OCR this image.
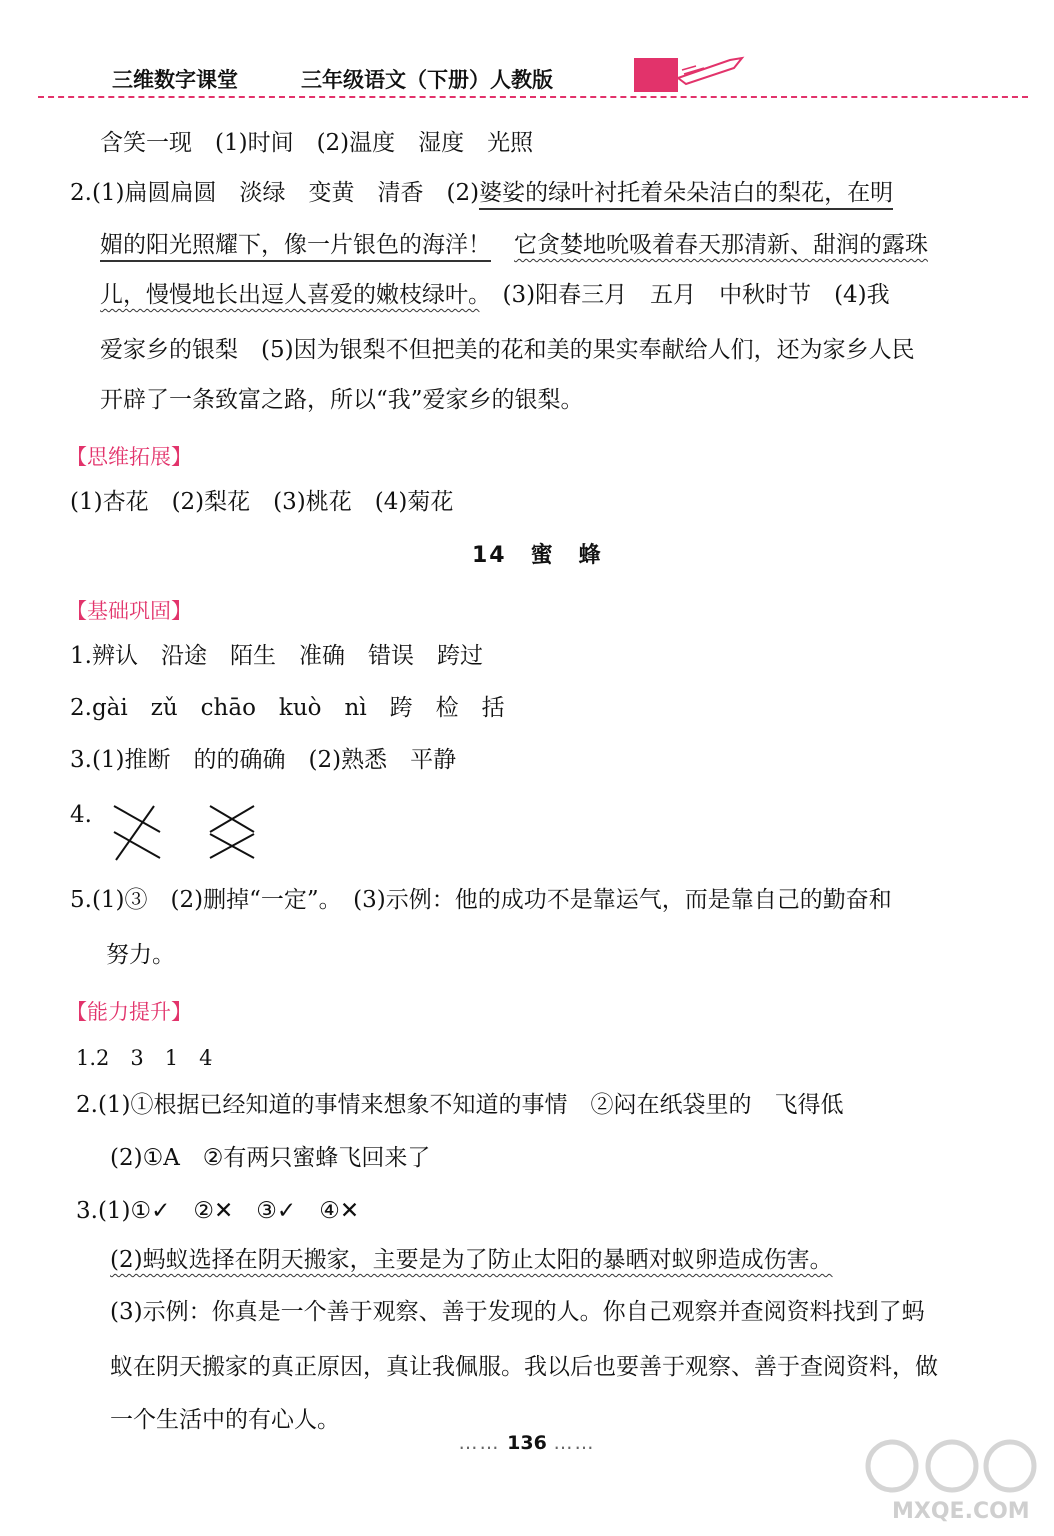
三维数字课堂	三年级语文（下册）人教版
含笑一现　(1)时间　(2)温度　湿度　光照
2.(1)扁圆扁圆　淡绿　变黄　清香　(2)婆娑的绿叶衬托着朵朵洁白的梨花，在明
媚的阳光照耀下，像一片银色的海洋！　 它贪婪地吮吸着春天那清新、甜润的露珠
儿，慢慢地长出逗人喜爱的嫩枝绿叶。　 (3)阳春三月　五月　中秋时节　(4)我
爱家乡的银梨　(5)因为银梨不但把美的花和美的果实奉献给人们，还为家乡人民
开辟了一条致富之路，所以“我”爱家乡的银梨。
【思维拓展】
(1)杏花　(2)梨花　(3)桃花　(4)菊花
14　蜜　蜂
【基础巩固】
1.辨认　沿途　陌生　准确　错误　跨过
2.gài　zǔ　chāo　kuò　nì　跨　检　括
3.(1)推断　的的确确　(2)熟悉　平静
4.
5.(1)③　(2)删掉“一定”。　(3)示例：他的成功不是靠运气，而是靠自己的勤奋和
努力。
【能力提升】
1.2　3　1　4
2.(1)①根据已经知道的事情来想象不知道的事情　②闷在纸袋里的　飞得低
(2)①A　②有两只蜜蜂飞回来了
3.(1)①✓　②✕　③✓　④✕
(2)蚂蚁选择在阴天搬家，主要是为了防止太阳的暴晒对蚁卵造成伤害。
(3)示例：你真是一个善于观察、善于发现的人。你自己观察并查阅资料找到了蚂
蚁在阴天搬家的真正原因，真让我佩服。我以后也要善于观察、善于查阅资料，做
一个生活中的有心人。
…… 136 ……
MXQE.COM
